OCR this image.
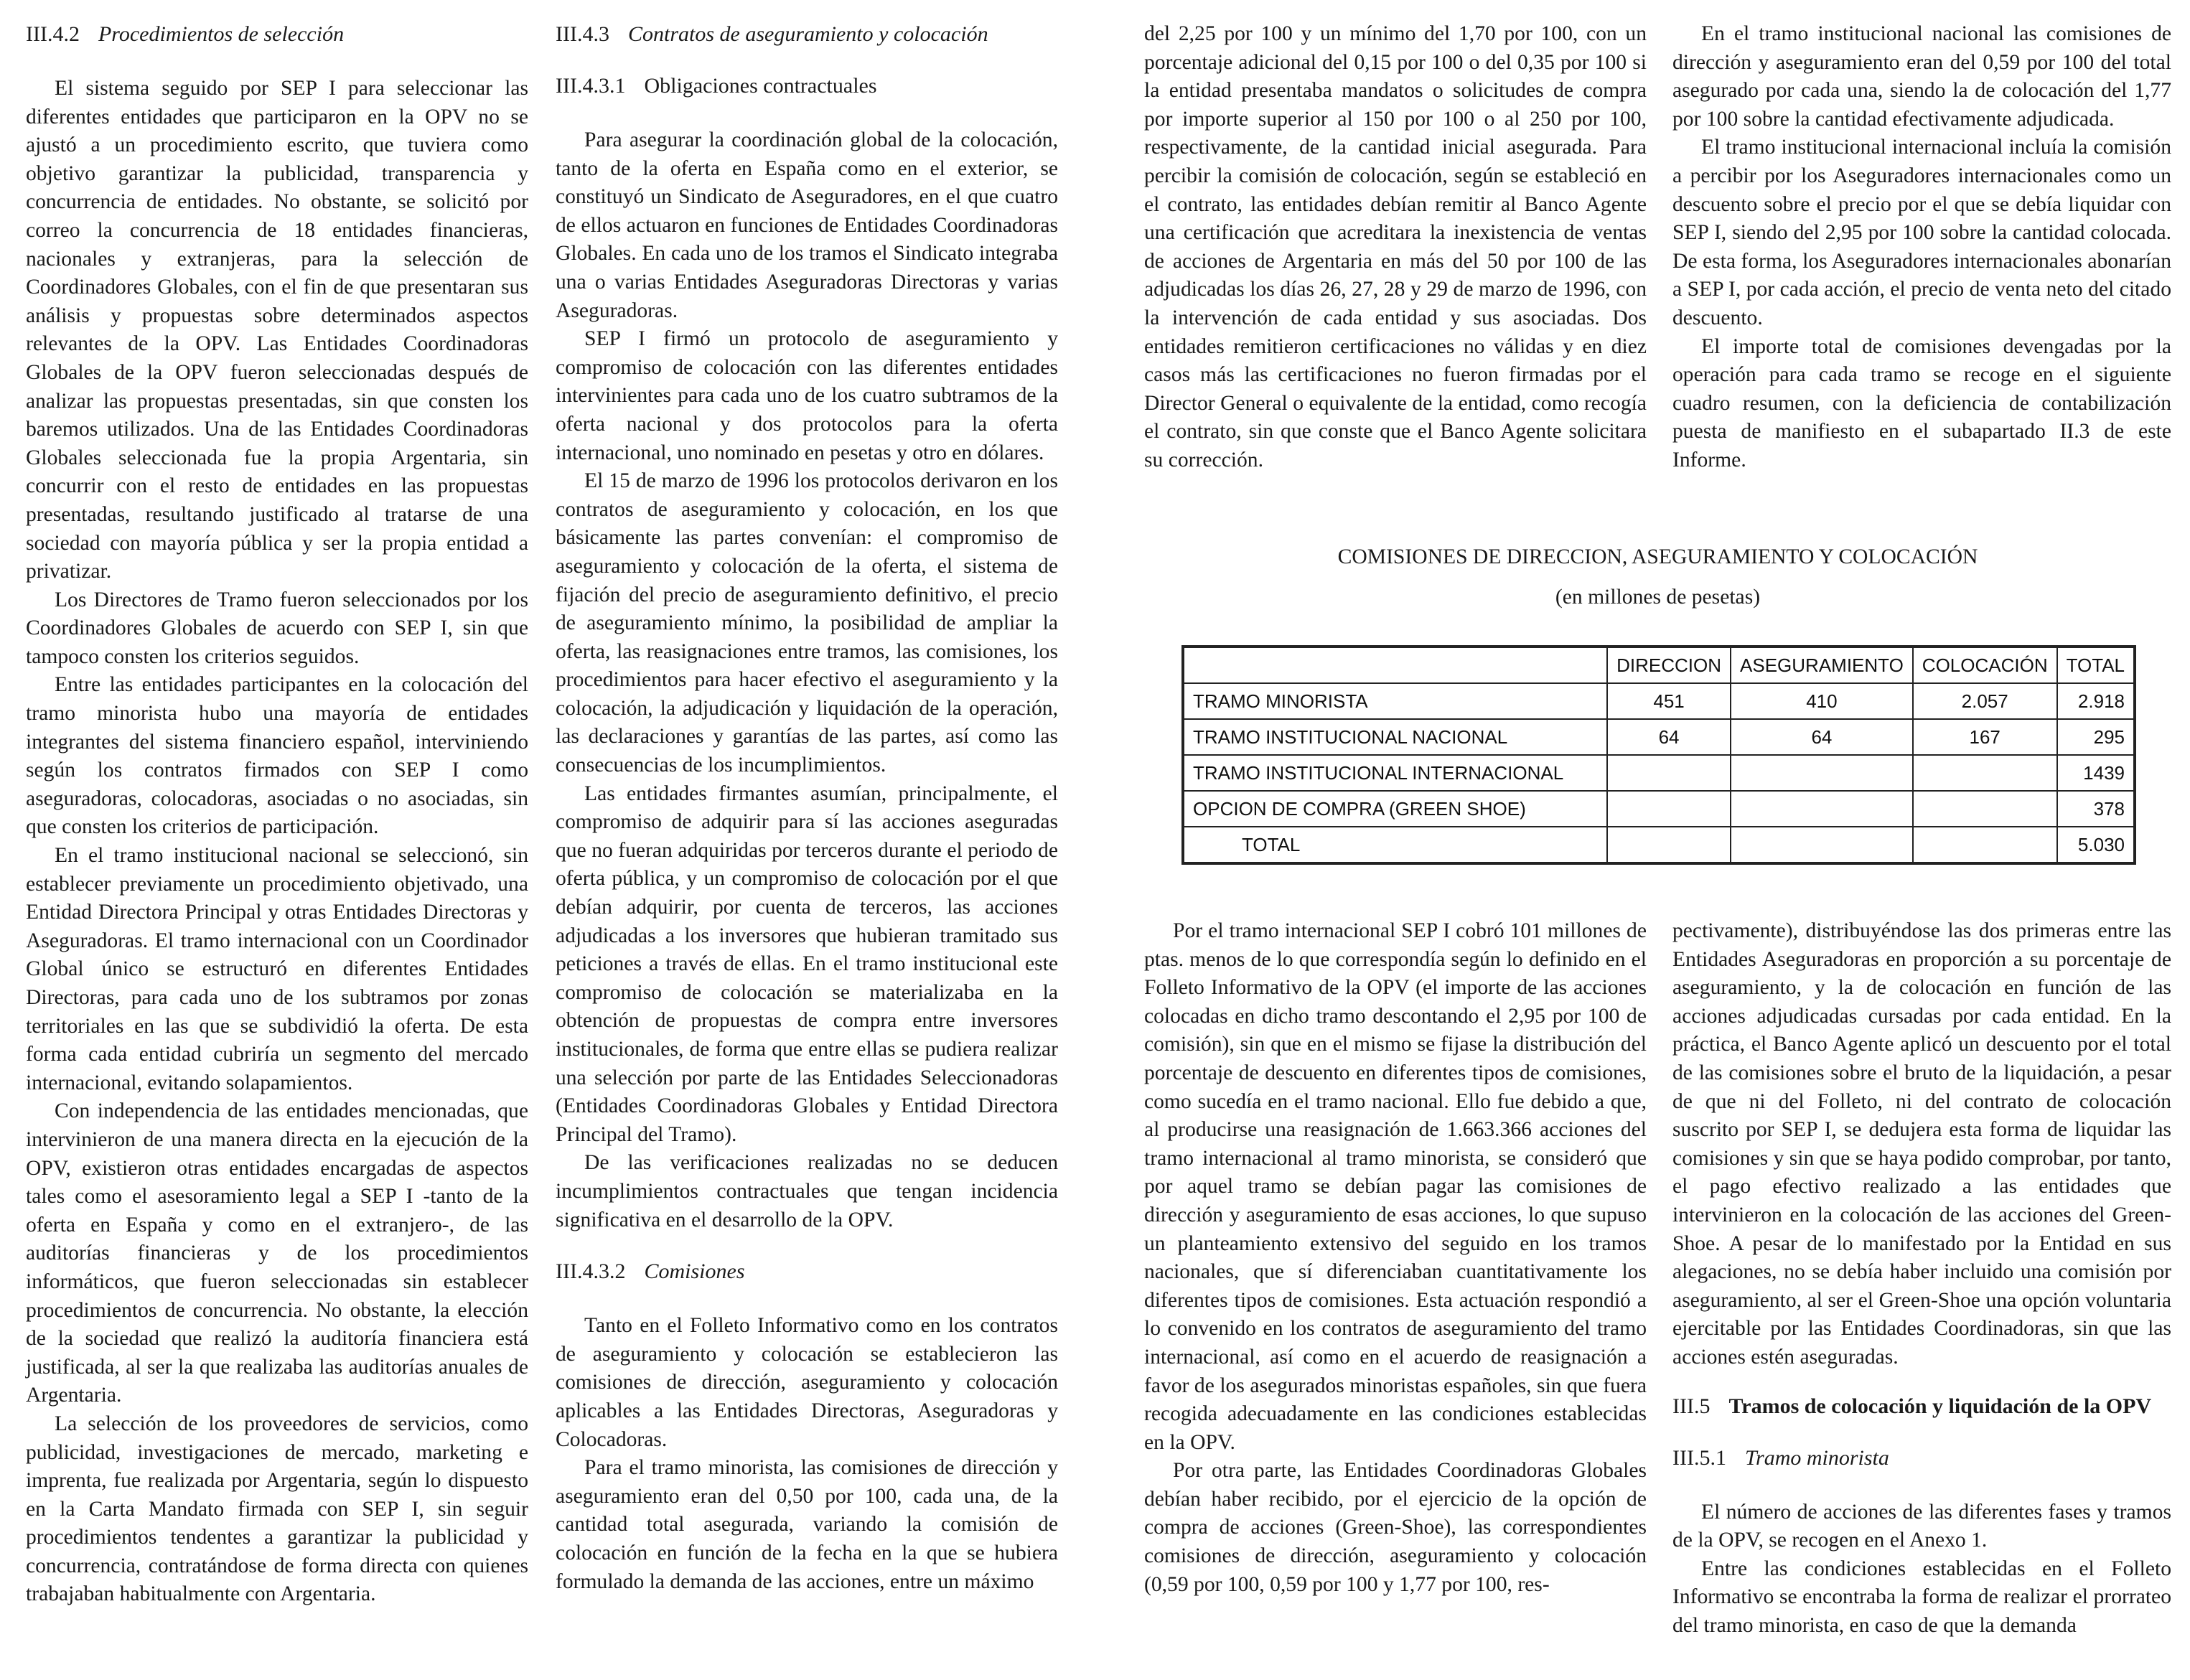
III.4.2 Procedimientos de selección

El sistema seguido por SEP I para seleccionar las diferentes entidades que participaron en la OPV no se ajustó a un procedimiento escrito, que tuviera como objetivo garantizar la publicidad, transparencia y concurrencia de entidades. No obstante, se solicitó por correo la concurrencia de 18 entidades financieras, nacionales y extranjeras, para la selección de Coordinadores Globales, con el fin de que presentaran sus análisis y propuestas sobre determinados aspectos relevantes de la OPV. Las Entidades Coordinadoras Globales de la OPV fueron seleccionadas después de analizar las propuestas presentadas, sin que consten los baremos utilizados. Una de las Entidades Coordinadoras Globales seleccionada fue la propia Argentaria, sin concurrir con el resto de entidades en las propuestas presentadas, resultando justificado al tratarse de una sociedad con mayoría pública y ser la propia entidad a privatizar.

Los Directores de Tramo fueron seleccionados por los Coordinadores Globales de acuerdo con SEP I, sin que tampoco consten los criterios seguidos.

Entre las entidades participantes en la colocación del tramo minorista hubo una mayoría de entidades integrantes del sistema financiero español, interviniendo según los contratos firmados con SEP I como aseguradoras, colocadoras, asociadas o no asociadas, sin que consten los criterios de participación.

En el tramo institucional nacional se seleccionó, sin establecer previamente un procedimiento objetivado, una Entidad Directora Principal y otras Entidades Directoras y Aseguradoras. El tramo internacional con un Coordinador Global único se estructuró en diferentes Entidades Directoras, para cada uno de los subtramos por zonas territoriales en las que se subdividió la oferta. De esta forma cada entidad cubriría un segmento del mercado internacional, evitando solapamientos.

Con independencia de las entidades mencionadas, que intervinieron de una manera directa en la ejecución de la OPV, existieron otras entidades encargadas de aspectos tales como el asesoramiento legal a SEP I -tanto de la oferta en España y como en el extranjero-, de las auditorías financieras y de los procedimientos informáticos, que fueron seleccionadas sin establecer procedimientos de concurrencia. No obstante, la elección de la sociedad que realizó la auditoría financiera está justificada, al ser la que realizaba las auditorías anuales de Argentaria.

La selección de los proveedores de servicios, como publicidad, investigaciones de mercado, marketing e imprenta, fue realizada por Argentaria, según lo dispuesto en la Carta Mandato firmada con SEP I, sin seguir procedimientos tendentes a garantizar la publicidad y concurrencia, contratándose de forma directa con quienes trabajaban habitualmente con Argentaria.

III.4.3 Contratos de aseguramiento y colocación
III.4.3.1 Obligaciones contractuales

Para asegurar la coordinación global de la colocación, tanto de la oferta en España como en el exterior, se constituyó un Sindicato de Aseguradores, en el que cuatro de ellos actuaron en funciones de Entidades Coordinadoras Globales. En cada uno de los tramos el Sindicato integraba una o varias Entidades Aseguradoras Directoras y varias Aseguradoras.

SEP I firmó un protocolo de aseguramiento y compromiso de colocación con las diferentes entidades intervinientes para cada uno de los cuatro subtramos de la oferta nacional y dos protocolos para la oferta internacional, uno nominado en pesetas y otro en dólares.

El 15 de marzo de 1996 los protocolos derivaron en los contratos de aseguramiento y colocación, en los que básicamente las partes convenían: el compromiso de aseguramiento y colocación de la oferta, el sistema de fijación del precio de aseguramiento definitivo, el precio de aseguramiento mínimo, la posibilidad de ampliar la oferta, las reasignaciones entre tramos, las comisiones, los procedimientos para hacer efectivo el aseguramiento y la colocación, la adjudicación y liquidación de la operación, las declaraciones y garantías de las partes, así como las consecuencias de los incumplimientos.

Las entidades firmantes asumían, principalmente, el compromiso de adquirir para sí las acciones aseguradas que no fueran adquiridas por terceros durante el periodo de oferta pública, y un compromiso de colocación por el que debían adquirir, por cuenta de terceros, las acciones adjudicadas a los inversores que hubieran tramitado sus peticiones a través de ellas. En el tramo institucional este compromiso de colocación se materializaba en la obtención de propuestas de compra entre inversores institucionales, de forma que entre ellas se pudiera realizar una selección por parte de las Entidades Seleccionadoras (Entidades Coordinadoras Globales y Entidad Directora Principal del Tramo).

De las verificaciones realizadas no se deducen incumplimientos contractuales que tengan incidencia significativa en el desarrollo de la OPV.

III.4.3.2 Comisiones

Tanto en el Folleto Informativo como en los contratos de aseguramiento y colocación se establecieron las comisiones de dirección, aseguramiento y colocación aplicables a las Entidades Directoras, Aseguradoras y Colocadoras.

Para el tramo minorista, las comisiones de dirección y aseguramiento eran del 0,50 por 100, cada una, de la cantidad total asegurada, variando la comisión de colocación en función de la fecha en la que se hubiera formulado la demanda de las acciones, entre un máximo

del 2,25 por 100 y un mínimo del 1,70 por 100, con un porcentaje adicional del 0,15 por 100 o del 0,35 por 100 si la entidad presentaba mandatos o solicitudes de compra por importe superior al 150 por 100 o al 250 por 100, respectivamente, de la cantidad inicial asegurada. Para percibir la comisión de colocación, según se estableció en el contrato, las entidades debían remitir al Banco Agente una certificación que acreditara la inexistencia de ventas de acciones de Argentaria en más del 50 por 100 de las adjudicadas los días 26, 27, 28 y 29 de marzo de 1996, con la intervención de cada entidad y sus asociadas. Dos entidades remitieron certificaciones no válidas y en diez casos más las certificaciones no fueron firmadas por el Director General o equivalente de la entidad, como recogía el contrato, sin que conste que el Banco Agente solicitara su corrección.

En el tramo institucional nacional las comisiones de dirección y aseguramiento eran del 0,59 por 100 del total asegurado por cada una, siendo la de colocación del 1,77 por 100 sobre la cantidad efectivamente adjudicada.

El tramo institucional internacional incluía la comisión a percibir por los Aseguradores internacionales como un descuento sobre el precio por el que se debía liquidar con SEP I, siendo del 2,95 por 100 sobre la cantidad colocada. De esta forma, los Aseguradores internacionales abonarían a SEP I, por cada acción, el precio de venta neto del citado descuento.

El importe total de comisiones devengadas por la operación para cada tramo se recoge en el siguiente cuadro resumen, con la deficiencia de contabilización puesta de manifiesto en el subapartado II.3 de este Informe.

COMISIONES DE DIRECCION, ASEGURAMIENTO Y COLOCACIÓN
(en millones de pesetas)
	DIRECCION	ASEGURAMIENTO	COLOCACIÓN	TOTAL
TRAMO MINORISTA	451	410	2.057	2.918
TRAMO INSTITUCIONAL NACIONAL	64	64	167	295
TRAMO INSTITUCIONAL INTERNACIONAL				1439
OPCION DE COMPRA (GREEN SHOE)				378
TOTAL				5.030

Por el tramo internacional SEP I cobró 101 millones de ptas. menos de lo que correspondía según lo definido en el Folleto Informativo de la OPV (el importe de las acciones colocadas en dicho tramo descontando el 2,95 por 100 de comisión), sin que en el mismo se fijase la distribución del porcentaje de descuento en diferentes tipos de comisiones, como sucedía en el tramo nacional. Ello fue debido a que, al producirse una reasignación de 1.663.366 acciones del tramo internacional al tramo minorista, se consideró que por aquel tramo se debían pagar las comisiones de dirección y aseguramiento de esas acciones, lo que supuso un planteamiento extensivo del seguido en los tramos nacionales, que sí diferenciaban cuantitativamente los diferentes tipos de comisiones. Esta actuación respondió a lo convenido en los contratos de aseguramiento del tramo internacional, así como en el acuerdo de reasignación a favor de los asegurados minoristas españoles, sin que fuera recogida adecuadamente en las condiciones establecidas en la OPV.

Por otra parte, las Entidades Coordinadoras Globales debían haber recibido, por el ejercicio de la opción de compra de acciones (Green-Shoe), las correspondientes comisiones de dirección, aseguramiento y colocación (0,59 por 100, 0,59 por 100 y 1,77 por 100, res-

pectivamente), distribuyéndose las dos primeras entre las Entidades Aseguradoras en proporción a su porcentaje de aseguramiento, y la de colocación en función de las acciones adjudicadas cursadas por cada entidad. En la práctica, el Banco Agente aplicó un descuento por el total de las comisiones sobre el bruto de la liquidación, a pesar de que ni del Folleto, ni del contrato de colocación suscrito por SEP I, se dedujera esta forma de liquidar las comisiones y sin que se haya podido comprobar, por tanto, el pago efectivo realizado a las entidades que intervinieron en la colocación de las acciones del Green-Shoe. A pesar de lo manifestado por la Entidad en sus alegaciones, no se debía haber incluido una comisión por aseguramiento, al ser el Green-Shoe una opción voluntaria ejercitable por las Entidades Coordinadoras, sin que las acciones estén aseguradas.

III.5 Tramos de colocación y liquidación de la OPV
III.5.1 Tramo minorista

El número de acciones de las diferentes fases y tramos de la OPV, se recogen en el Anexo 1.

Entre las condiciones establecidas en el Folleto Informativo se encontraba la forma de realizar el prorrateo del tramo minorista, en caso de que la demanda
